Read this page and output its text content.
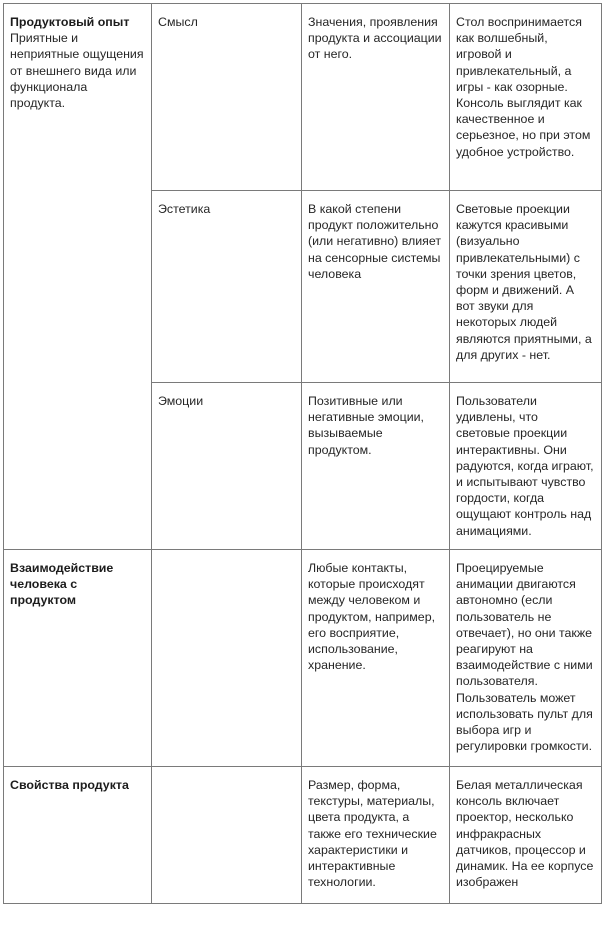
Продуктовый опыт
Приятные и неприятные ощущения от внешнего вида или функционала продукта.	Смысл	Значения, проявления продукта и ассоциации от него.	Стол воспринимается как волшебный, игровой и привлекательный, а игры - как озорные. Консоль выглядит как качественное и серьезное, но при этом удобное устройство.
	Эстетика	В какой степени продукт положительно (или негативно) влияет на сенсорные системы человека	Световые проекции кажутся красивыми (визуально привлекательными) с точки зрения цветов, форм и движений. А вот звуки для некоторых людей являются приятными, а для других - нет.
	Эмоции	Позитивные или негативные эмоции, вызываемые продуктом.	Пользователи удивлены, что световые проекции интерактивны. Они радуются, когда играют, и испытывают чувство гордости, когда ощущают контроль над анимациями.

Взаимодействие человека с продуктом		Любые контакты, которые происходят между человеком и продуктом, например, его восприятие, использование, хранение.	Проецируемые анимации двигаются автономно (если пользователь не отвечает), но они также реагируют на взаимодействие с ними пользователя. Пользователь может использовать пульт для выбора игр и регулировки громкости.

Свойства продукта		Размер, форма, текстуры, материалы, цвета продукта, а также его технические характеристики и интерактивные технологии.	Белая металлическая консоль включает проектор, несколько инфракрасных датчиков, процессор и динамик. На ее корпусе изображен
